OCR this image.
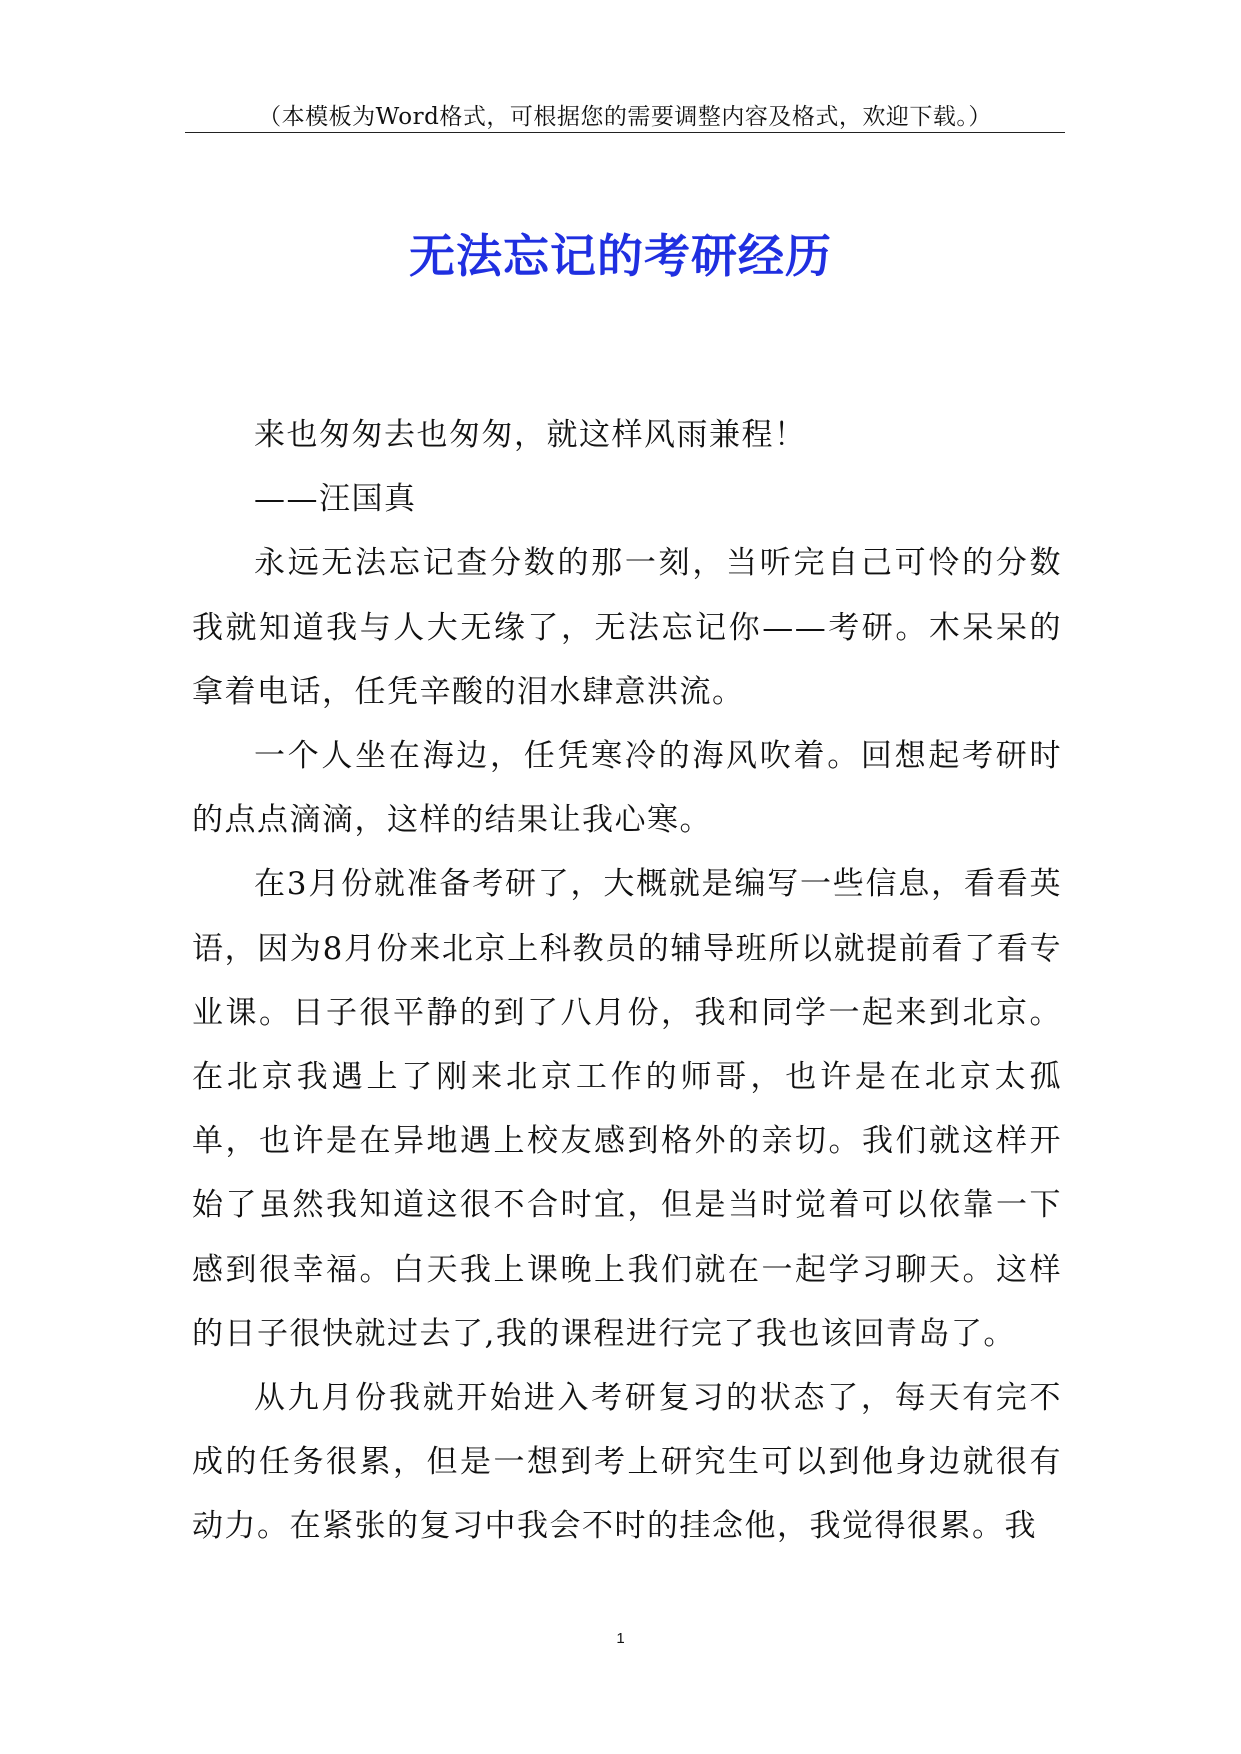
（本模板为Word格式，可根据您的需要调整内容及格式，欢迎下载。）
无法忘记的考研经历

来也匆匆去也匆匆，就这样风雨兼程！

——汪国真

永远无法忘记查分数的那一刻，当听完自己可怜的分数我就知道我与人大无缘了，无法忘记你——考研。木呆呆的拿着电话，任凭辛酸的泪水肆意洪流。

一个人坐在海边，任凭寒冷的海风吹着。回想起考研时的点点滴滴，这样的结果让我心寒。

在3月份就准备考研了，大概就是编写一些信息，看看英语，因为8月份来北京上科教员的辅导班所以就提前看了看专业课。日子很平静的到了八月份，我和同学一起来到北京。在北京我遇上了刚来北京工作的师哥，也许是在北京太孤单，也许是在异地遇上校友感到格外的亲切。我们就这样开始了虽然我知道这很不合时宜，但是当时觉着可以依靠一下感到很幸福。白天我上课晚上我们就在一起学习聊天。这样的日子很快就过去了,我的课程进行完了我也该回青岛了。

从九月份我就开始进入考研复习的状态了，每天有完不成的任务很累，但是一想到考上研究生可以到他身边就很有动力。在紧张的复习中我会不时的挂念他，我觉得很累。我

1
